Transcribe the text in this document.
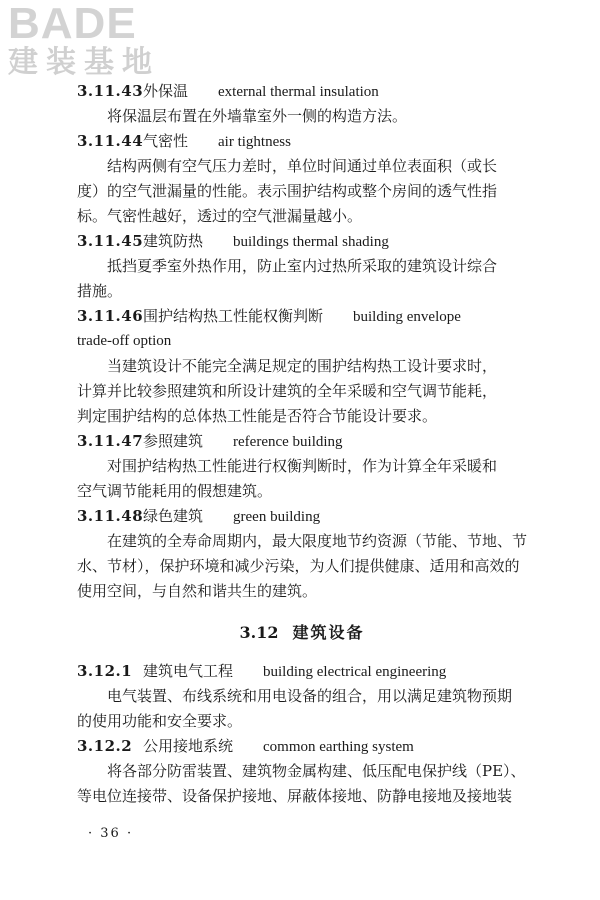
BADE
建装基地
3.11.43 外保温 external thermal insulation
将保温层布置在外墙靠室外一侧的构造方法。
3.11.44 气密性 air tightness
结构两侧有空气压力差时，单位时间通过单位表面积（或长
度）的空气泄漏量的性能。表示围护结构或整个房间的透气性指
标。气密性越好，透过的空气泄漏量越小。
3.11.45 建筑防热 buildings thermal shading
抵挡夏季室外热作用，防止室内过热所采取的建筑设计综合
措施。
3.11.46 围护结构热工性能权衡判断 building envelope
trade-off option
当建筑设计不能完全满足规定的围护结构热工设计要求时，
计算并比较参照建筑和所设计建筑的全年采暖和空气调节能耗，
判定围护结构的总体热工性能是否符合节能设计要求。
3.11.47 参照建筑 reference building
对围护结构热工性能进行权衡判断时，作为计算全年采暖和
空气调节能耗用的假想建筑。
3.11.48 绿色建筑 green building
在建筑的全寿命周期内，最大限度地节约资源（节能、节地、节
水、节材），保护环境和减少污染，为人们提供健康、适用和高效的
使用空间，与自然和谐共生的建筑。
3.12 建筑设备
3.12.1 建筑电气工程 building electrical engineering
电气装置、布线系统和用电设备的组合，用以满足建筑物预期
的使用功能和安全要求。
3.12.2 公用接地系统 common earthing system
将各部分防雷装置、建筑物金属构建、低压配电保护线（PE）、
等电位连接带、设备保护接地、屏蔽体接地、防静电接地及接地装
· 36 ·
